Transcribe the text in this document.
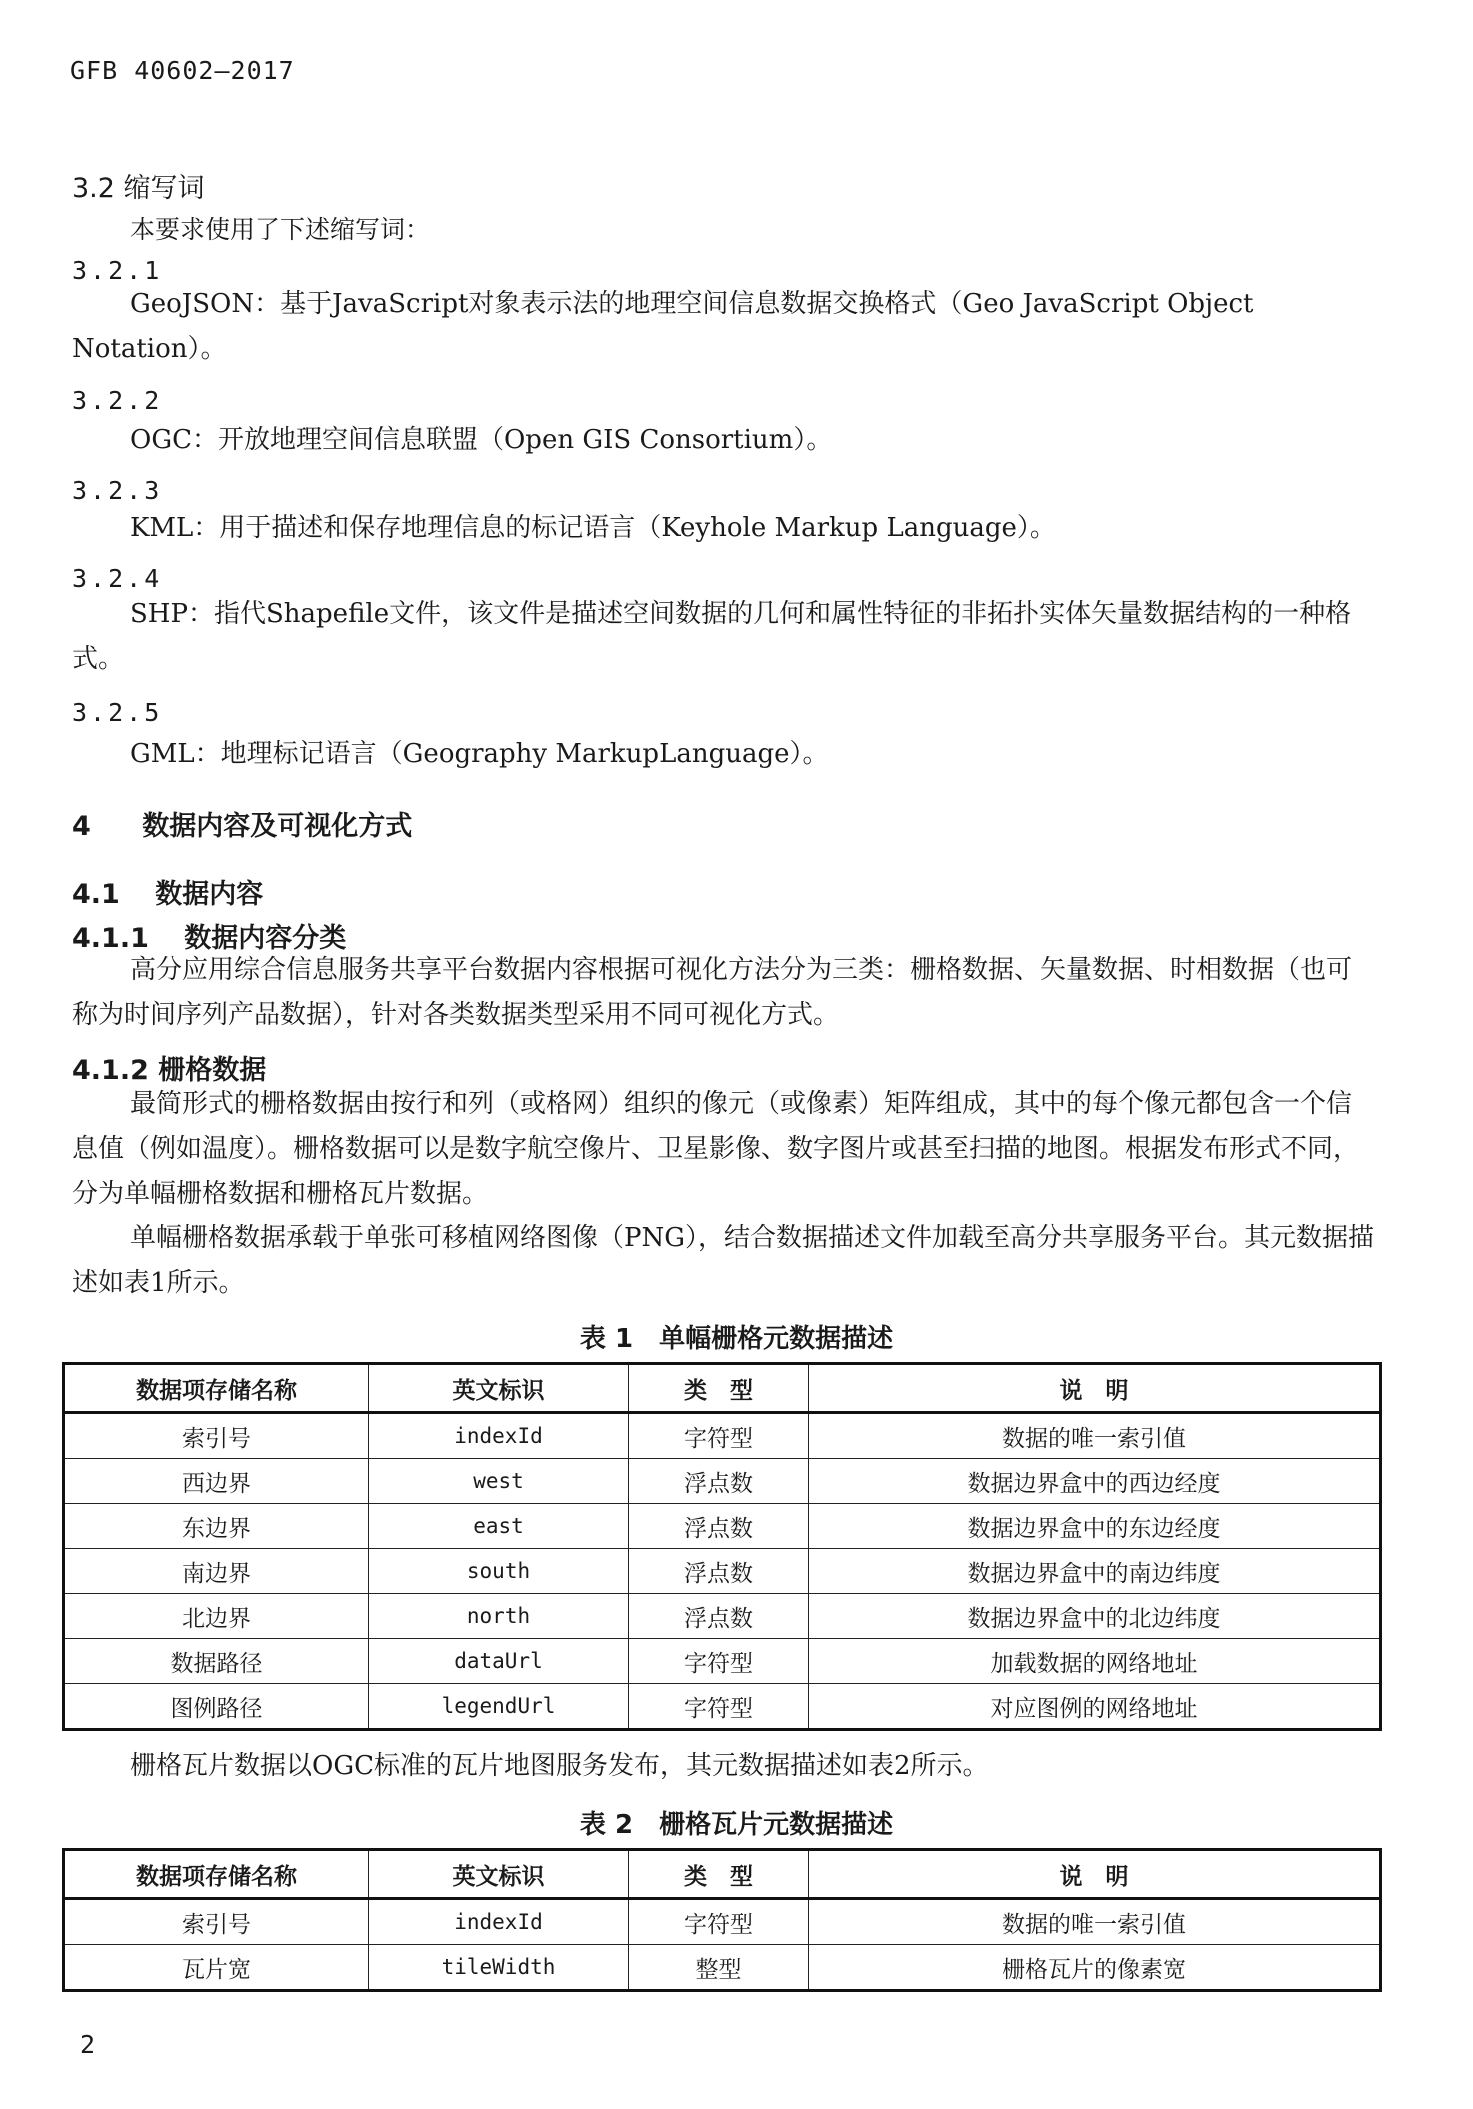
GFB 40602—2017
3.2 缩写词
本要求使用了下述缩写词：
3.2.1
GeoJSON：基于JavaScript对象表示法的地理空间信息数据交换格式（Geo JavaScript Object Notation）。
3.2.2
OGC：开放地理空间信息联盟（Open GIS Consortium）。
3.2.3
KML：用于描述和保存地理信息的标记语言（Keyhole Markup Language）。
3.2.4
SHP：指代Shapefile文件，该文件是描述空间数据的几何和属性特征的非拓扑实体矢量数据结构的一种格式。
3.2.5
GML：地理标记语言（Geography MarkupLanguage）。
4 数据内容及可视化方式
4.1 数据内容
4.1.1 数据内容分类
高分应用综合信息服务共享平台数据内容根据可视化方法分为三类：栅格数据、矢量数据、时相数据（也可称为时间序列产品数据），针对各类数据类型采用不同可视化方式。
4.1.2 栅格数据
最简形式的栅格数据由按行和列（或格网）组织的像元（或像素）矩阵组成，其中的每个像元都包含一个信息值（例如温度）。栅格数据可以是数字航空像片、卫星影像、数字图片或甚至扫描的地图。根据发布形式不同，分为单幅栅格数据和栅格瓦片数据。
单幅栅格数据承载于单张可移植网络图像（PNG），结合数据描述文件加载至高分共享服务平台。其元数据描述如表1所示。
表 1　单幅栅格元数据描述
数据项存储名称	英文标识	类　型	说　明
索引号	indexId	字符型	数据的唯一索引值
西边界	west	浮点数	数据边界盒中的西边经度
东边界	east	浮点数	数据边界盒中的东边经度
南边界	south	浮点数	数据边界盒中的南边纬度
北边界	north	浮点数	数据边界盒中的北边纬度
数据路径	dataUrl	字符型	加载数据的网络地址
图例路径	legendUrl	字符型	对应图例的网络地址
栅格瓦片数据以OGC标准的瓦片地图服务发布，其元数据描述如表2所示。
表 2　栅格瓦片元数据描述
数据项存储名称	英文标识	类　型	说　明
索引号	indexId	字符型	数据的唯一索引值
瓦片宽	tileWidth	整型	栅格瓦片的像素宽
2
